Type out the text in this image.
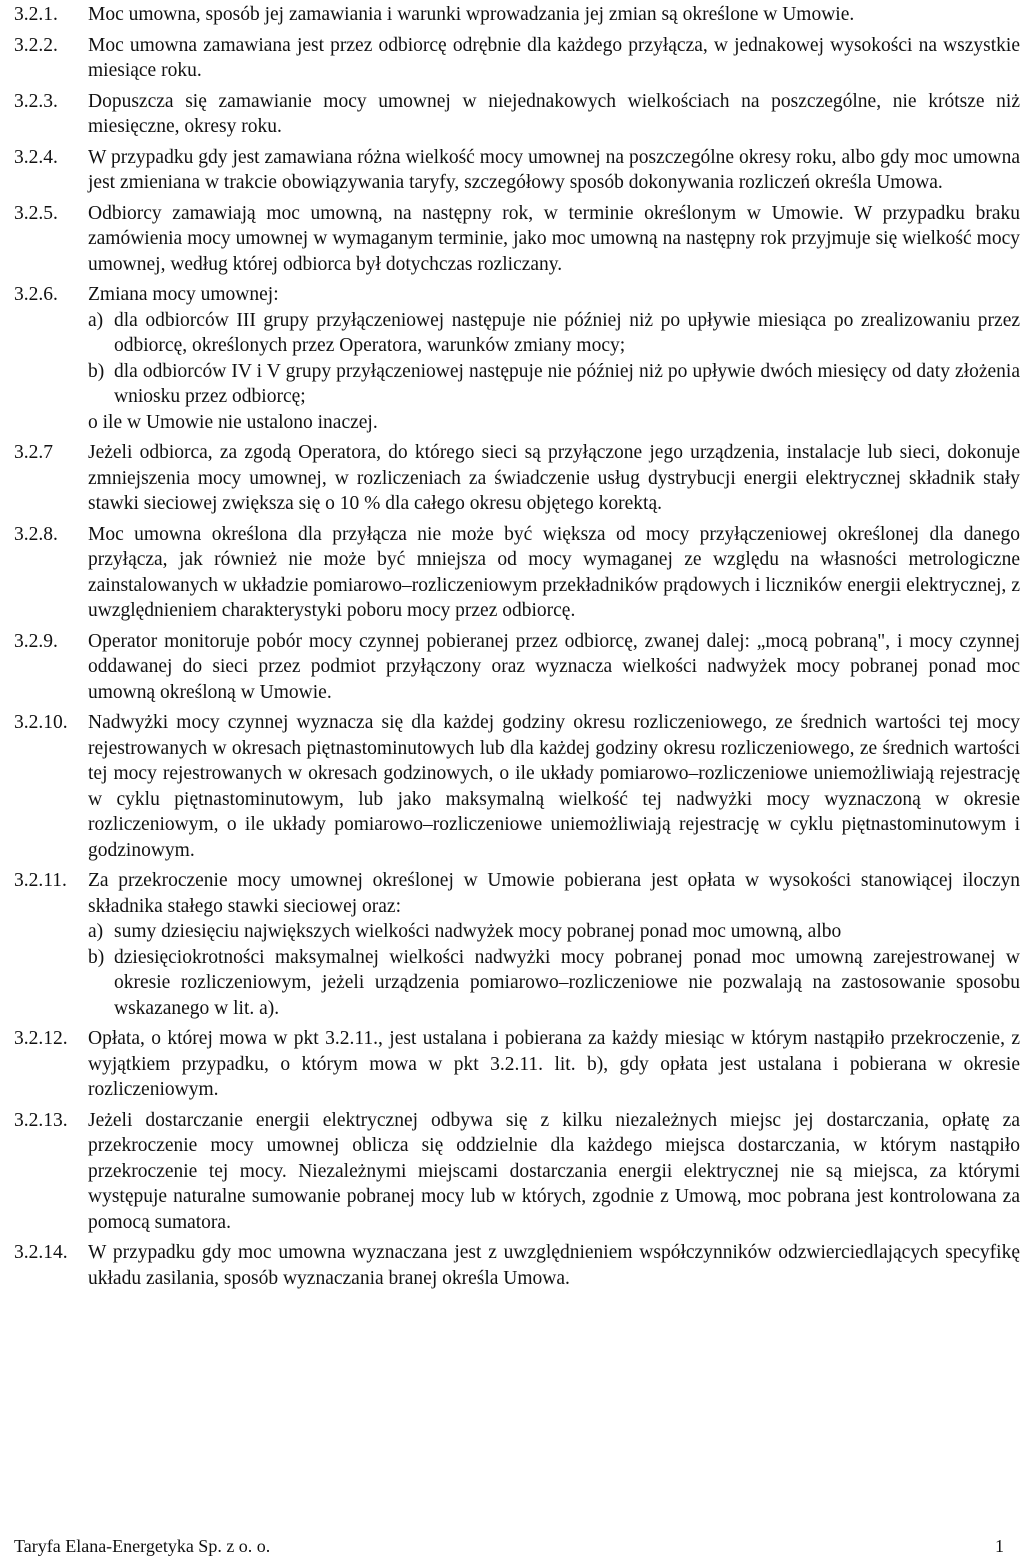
3.2.1.	Moc umowna, sposób jej zamawiania i warunki wprowadzania jej zmian są określone w Umowie.

3.2.2.	Moc umowna zamawiana jest przez odbiorcę odrębnie dla każdego przyłącza, w jednakowej wysokości na wszystkie miesiące roku.

3.2.3.	Dopuszcza się zamawianie mocy umownej w niejednakowych wielkościach na poszczególne, nie krótsze niż miesięczne, okresy roku.

3.2.4.	W przypadku gdy jest zamawiana różna wielkość mocy umownej na poszczególne okresy roku, albo gdy moc umowna jest zmieniana w trakcie obowiązywania taryfy, szczegółowy sposób dokonywania rozliczeń określa Umowa.

3.2.5.	Odbiorcy zamawiają moc umowną, na następny rok, w terminie określonym w Umowie. W przypadku braku zamówienia mocy umownej w wymaganym terminie, jako moc umowną na następny rok przyjmuje się wielkość mocy umownej, według której odbiorca był dotychczas rozliczany.

3.2.6.	Zmiana mocy umownej:

a) dla odbiorców III grupy przyłączeniowej następuje nie później niż po upływie miesiąca po zrealizowaniu przez odbiorcę, określonych przez Operatora, warunków zmiany mocy;
b) dla odbiorców IV i V grupy przyłączeniowej następuje nie później niż po upływie dwóch miesięcy od daty złożenia wniosku przez odbiorcę;

o ile w Umowie nie ustalono inaczej.

3.2.7	Jeżeli odbiorca, za zgodą Operatora, do którego sieci są przyłączone jego urządzenia, instalacje lub sieci, dokonuje zmniejszenia mocy umownej, w rozliczeniach za świadczenie usług dystrybucji energii elektrycznej składnik stały stawki sieciowej zwiększa się o 10 % dla całego okresu objętego korektą.

3.2.8.	Moc umowna określona dla przyłącza nie może być większa od mocy przyłączeniowej określonej dla danego przyłącza, jak również nie może być mniejsza od mocy wymaganej ze względu na własności metrologiczne zainstalowanych w układzie pomiarowo–rozliczeniowym przekładników prądowych i liczników energii elektrycznej, z uwzględnieniem charakterystyki poboru mocy przez odbiorcę.

3.2.9.	Operator monitoruje pobór mocy czynnej pobieranej przez odbiorcę, zwanej dalej: „mocą pobraną", i mocy czynnej oddawanej do sieci przez podmiot przyłączony oraz wyznacza wielkości nadwyżek mocy pobranej ponad moc umowną określoną w Umowie.

3.2.10.	Nadwyżki mocy czynnej wyznacza się dla każdej godziny okresu rozliczeniowego, ze średnich wartości tej mocy rejestrowanych w okresach piętnastominutowych lub dla każdej godziny okresu rozliczeniowego, ze średnich wartości tej mocy rejestrowanych w okresach godzinowych, o ile układy pomiarowo–rozliczeniowe uniemożliwiają rejestrację w cyklu piętnastominutowym, lub jako maksymalną wielkość tej nadwyżki mocy wyznaczoną w okresie rozliczeniowym, o ile układy pomiarowo–rozliczeniowe uniemożliwiają rejestrację w cyklu piętnastominutowym i godzinowym.

3.2.11.	Za przekroczenie mocy umownej określonej w Umowie pobierana jest opłata w wysokości stanowiącej iloczyn składnika stałego stawki sieciowej oraz:

a) sumy dziesięciu największych wielkości nadwyżek mocy pobranej ponad moc umowną, albo
b) dziesięciokrotności maksymalnej wielkości nadwyżki mocy pobranej ponad moc umowną zarejestrowanej w okresie rozliczeniowym, jeżeli urządzenia pomiarowo–rozliczeniowe nie pozwalają na zastosowanie sposobu wskazanego w lit. a).
3.2.12.	Opłata, o której mowa w pkt 3.2.11., jest ustalana i pobierana za każdy miesiąc w którym nastąpiło przekroczenie, z wyjątkiem przypadku, o którym mowa w pkt 3.2.11. lit. b), gdy opłata jest ustalana i pobierana w okresie rozliczeniowym.

3.2.13.	Jeżeli dostarczanie energii elektrycznej odbywa się z kilku niezależnych miejsc jej dostarczania, opłatę za przekroczenie mocy umownej oblicza się oddzielnie dla każdego miejsca dostarczania, w którym nastąpiło przekroczenie tej mocy. Niezależnymi miejscami dostarczania energii elektrycznej nie są miejsca, za którymi występuje naturalne sumowanie pobranej mocy lub w których, zgodnie z Umową, moc pobrana jest kontrolowana za pomocą sumatora.

3.2.14.	W przypadku gdy moc umowna wyznaczana jest z uwzględnieniem współczynników odzwierciedlających specyfikę układu zasilania, sposób wyznaczania branej określa Umowa.

Taryfa Elana-Energetyka Sp. z o. o.	1
